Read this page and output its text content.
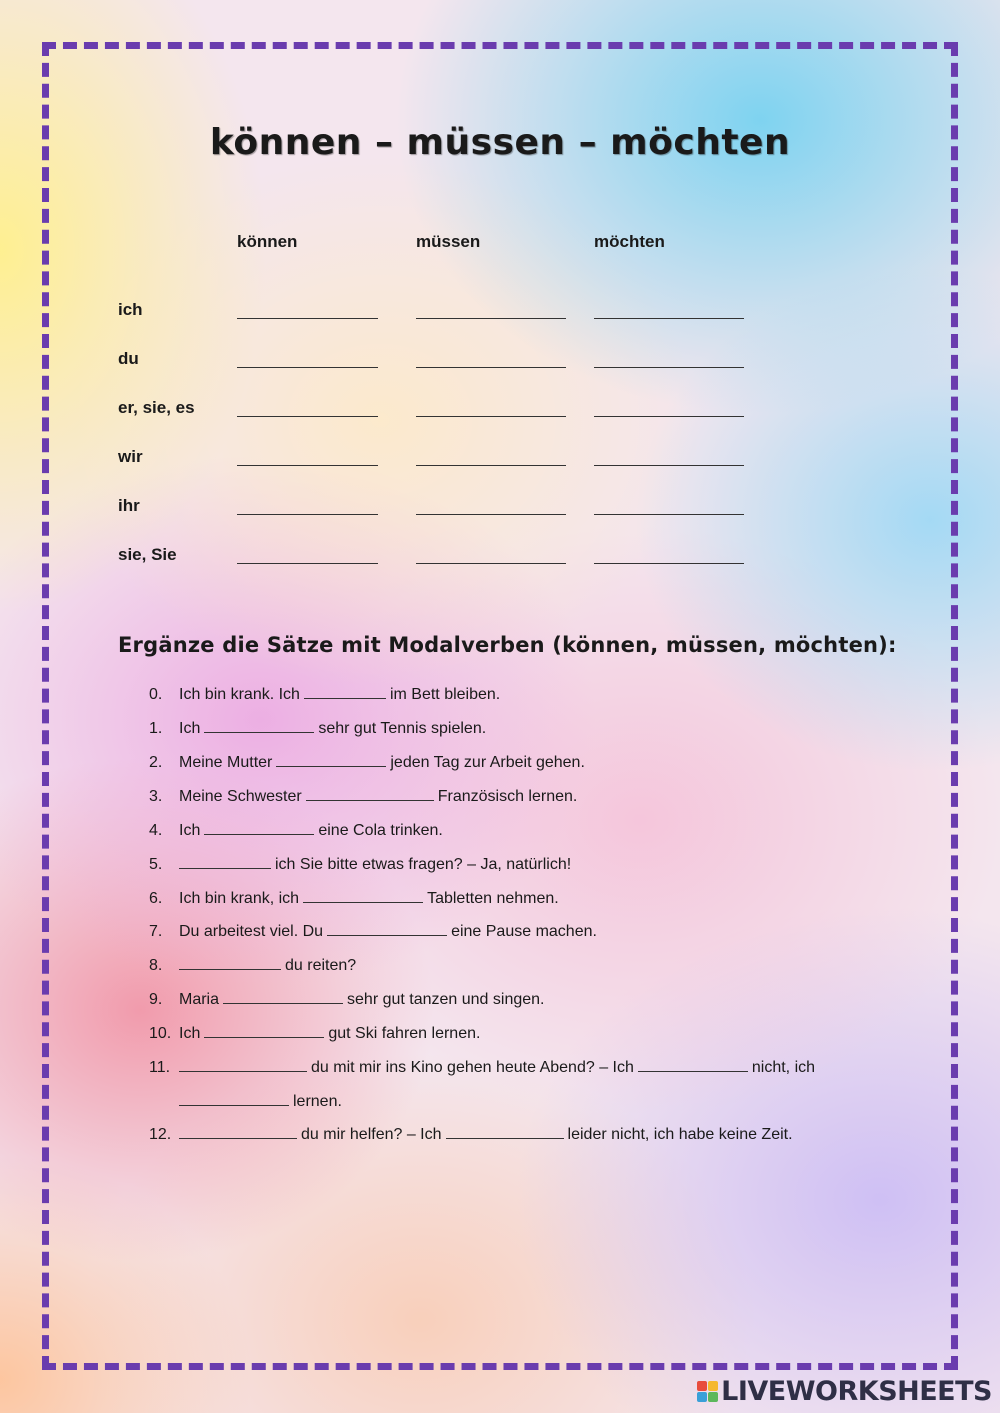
können – müssen – möchten
können	müssen	möchten
ich
du
er, sie, es
wir
ihr
sie, Sie
Ergänze die Sätze mit Modalverben (können, müssen, möchten):
0. Ich bin krank. Ich	im Bett bleiben.
1. Ich	sehr gut Tennis spielen.
2. Meine Mutter	jeden Tag zur Arbeit gehen.
3. Meine Schwester	Französisch lernen.
4. Ich	eine Cola trinken.
5.	ich Sie bitte etwas fragen? – Ja, natürlich!
6. Ich bin krank, ich	Tabletten nehmen.
7. Du arbeitest viel. Du	eine Pause machen.
8.	du reiten?
9. Maria	sehr gut tanzen und singen.
10. Ich	gut Ski fahren lernen.
11.	du mit mir ins Kino gehen heute Abend? – Ich	nicht, ich
lernen.
12.	du mir helfen? – Ich	leider nicht, ich habe keine Zeit.
LIVEWORKSHEETS
